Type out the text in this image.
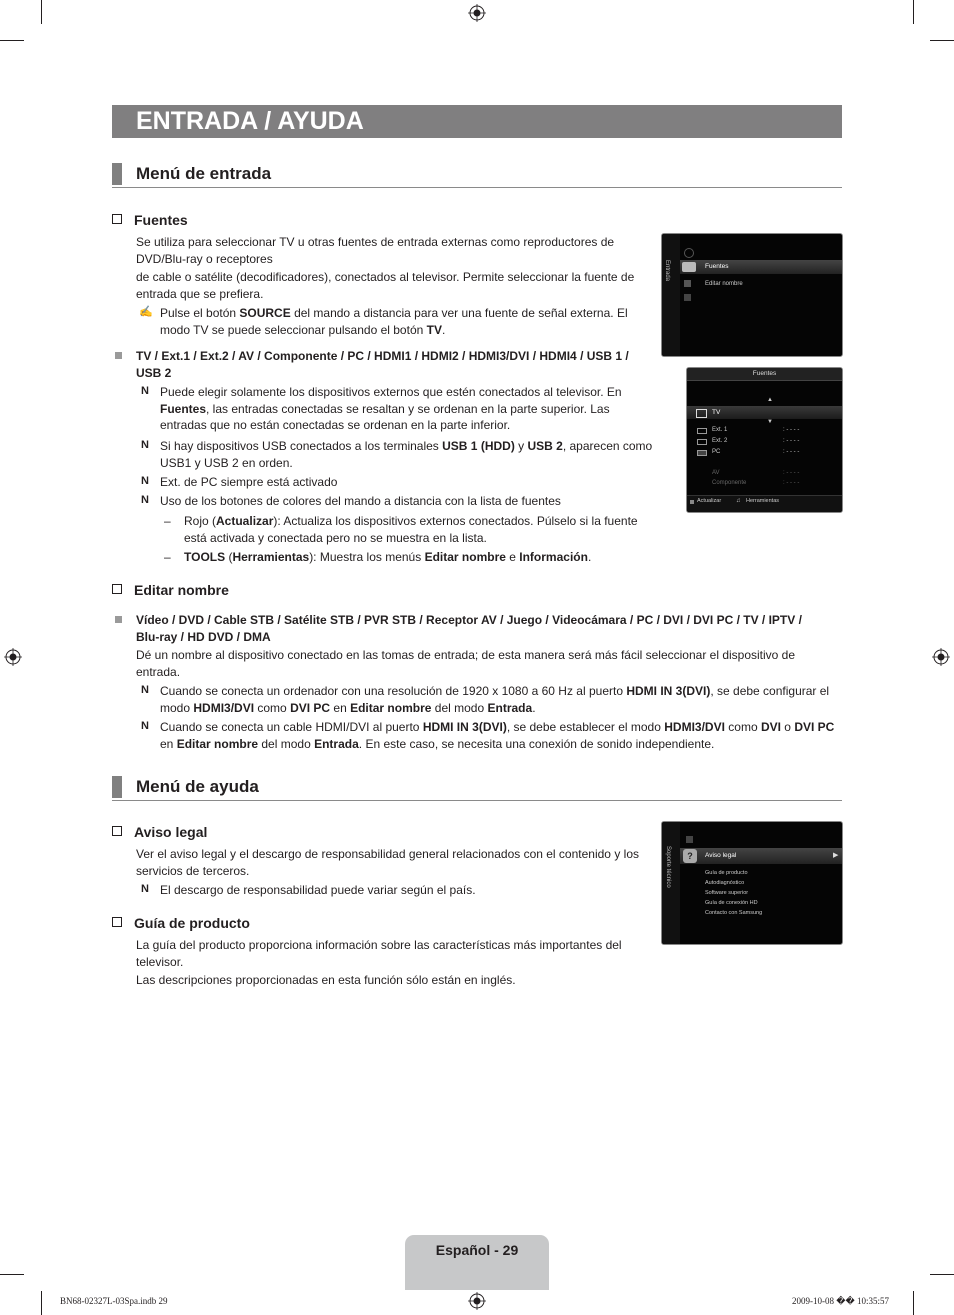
ENTRADA / AYUDA
Menú de entrada
Fuentes
Se utiliza para seleccionar TV u otras fuentes de entrada externas como reproductores de DVD/Blu-ray o receptores
de cable o satélite (decodificadores), conectados al televisor. Permite seleccionar la fuente de entrada que se prefiera.
✍ Pulse el botón SOURCE del mando a distancia para ver una fuente de señal externa. El modo TV se puede seleccionar pulsando el botón TV.
TV / Ext.1 / Ext.2 / AV / Componente / PC / HDMI1 / HDMI2 / HDMI3/DVI / HDMI4 / USB 1 / USB 2
N Puede elegir solamente los dispositivos externos que estén conectados al televisor. En Fuentes, las entradas conectadas se resaltan y se ordenan en la parte superior. Las entradas que no están conectadas se ordenan en la parte inferior.
N Si hay dispositivos USB conectados a los terminales USB 1 (HDD) y USB 2, aparecen como USB1 y USB 2 en orden.
N Ext. de PC siempre está activado
N Uso de los botones de colores del mando a distancia con la lista de fuentes
– Rojo (Actualizar): Actualiza los dispositivos externos conectados. Púlselo si la fuente está activada y conectada pero no se muestra en la lista.
– TOOLS (Herramientas): Muestra los menús Editar nombre e Información.
Editar nombre
Vídeo / DVD / Cable STB / Satélite STB / PVR STB / Receptor AV / Juego / Videocámara / PC / DVI / DVI PC / TV / IPTV / Blu-ray / HD DVD / DMA
Dé un nombre al dispositivo conectado en las tomas de entrada; de esta manera será más fácil seleccionar el dispositivo de entrada.
N Cuando se conecta un ordenador con una resolución de 1920 x 1080 a 60 Hz al puerto HDMI IN 3(DVI), se debe configurar el modo HDMI3/DVI como DVI PC en Editar nombre del modo Entrada.
N Cuando se conecta un cable HDMI/DVI al puerto HDMI IN 3(DVI), se debe establecer el modo HDMI3/DVI como DVI o DVI PC en Editar nombre del modo Entrada. En este caso, se necesita una conexión de sonido independiente.
Menú de ayuda
Aviso legal
Ver el aviso legal y el descargo de responsabilidad general relacionados con el contenido y los servicios de terceros.
N El descargo de responsabilidad puede variar según el país.
Guía de producto
La guía del producto proporciona información sobre las características más importantes del televisor.
Las descripciones proporcionadas en esta función sólo están en inglés.
Entrada	Fuentes
Editar nombre
Fuentes
▲
TV
▼
Ext. 1	: - - - -
Ext. 2	: - - - -
PC	: - - - -
AV	: - - - -
Componente	: - - - -
Actualizar ♫ Herramientas
Soporte técnico	?	Aviso legal	▶
Guía de producto
Autodiagnóstico
Software superior
Guía de conexión HD
Contacto con Samsung
Español - 29
BN68-02327L-03Spa.indb 29	2009-10-08 �� 10:35:57
